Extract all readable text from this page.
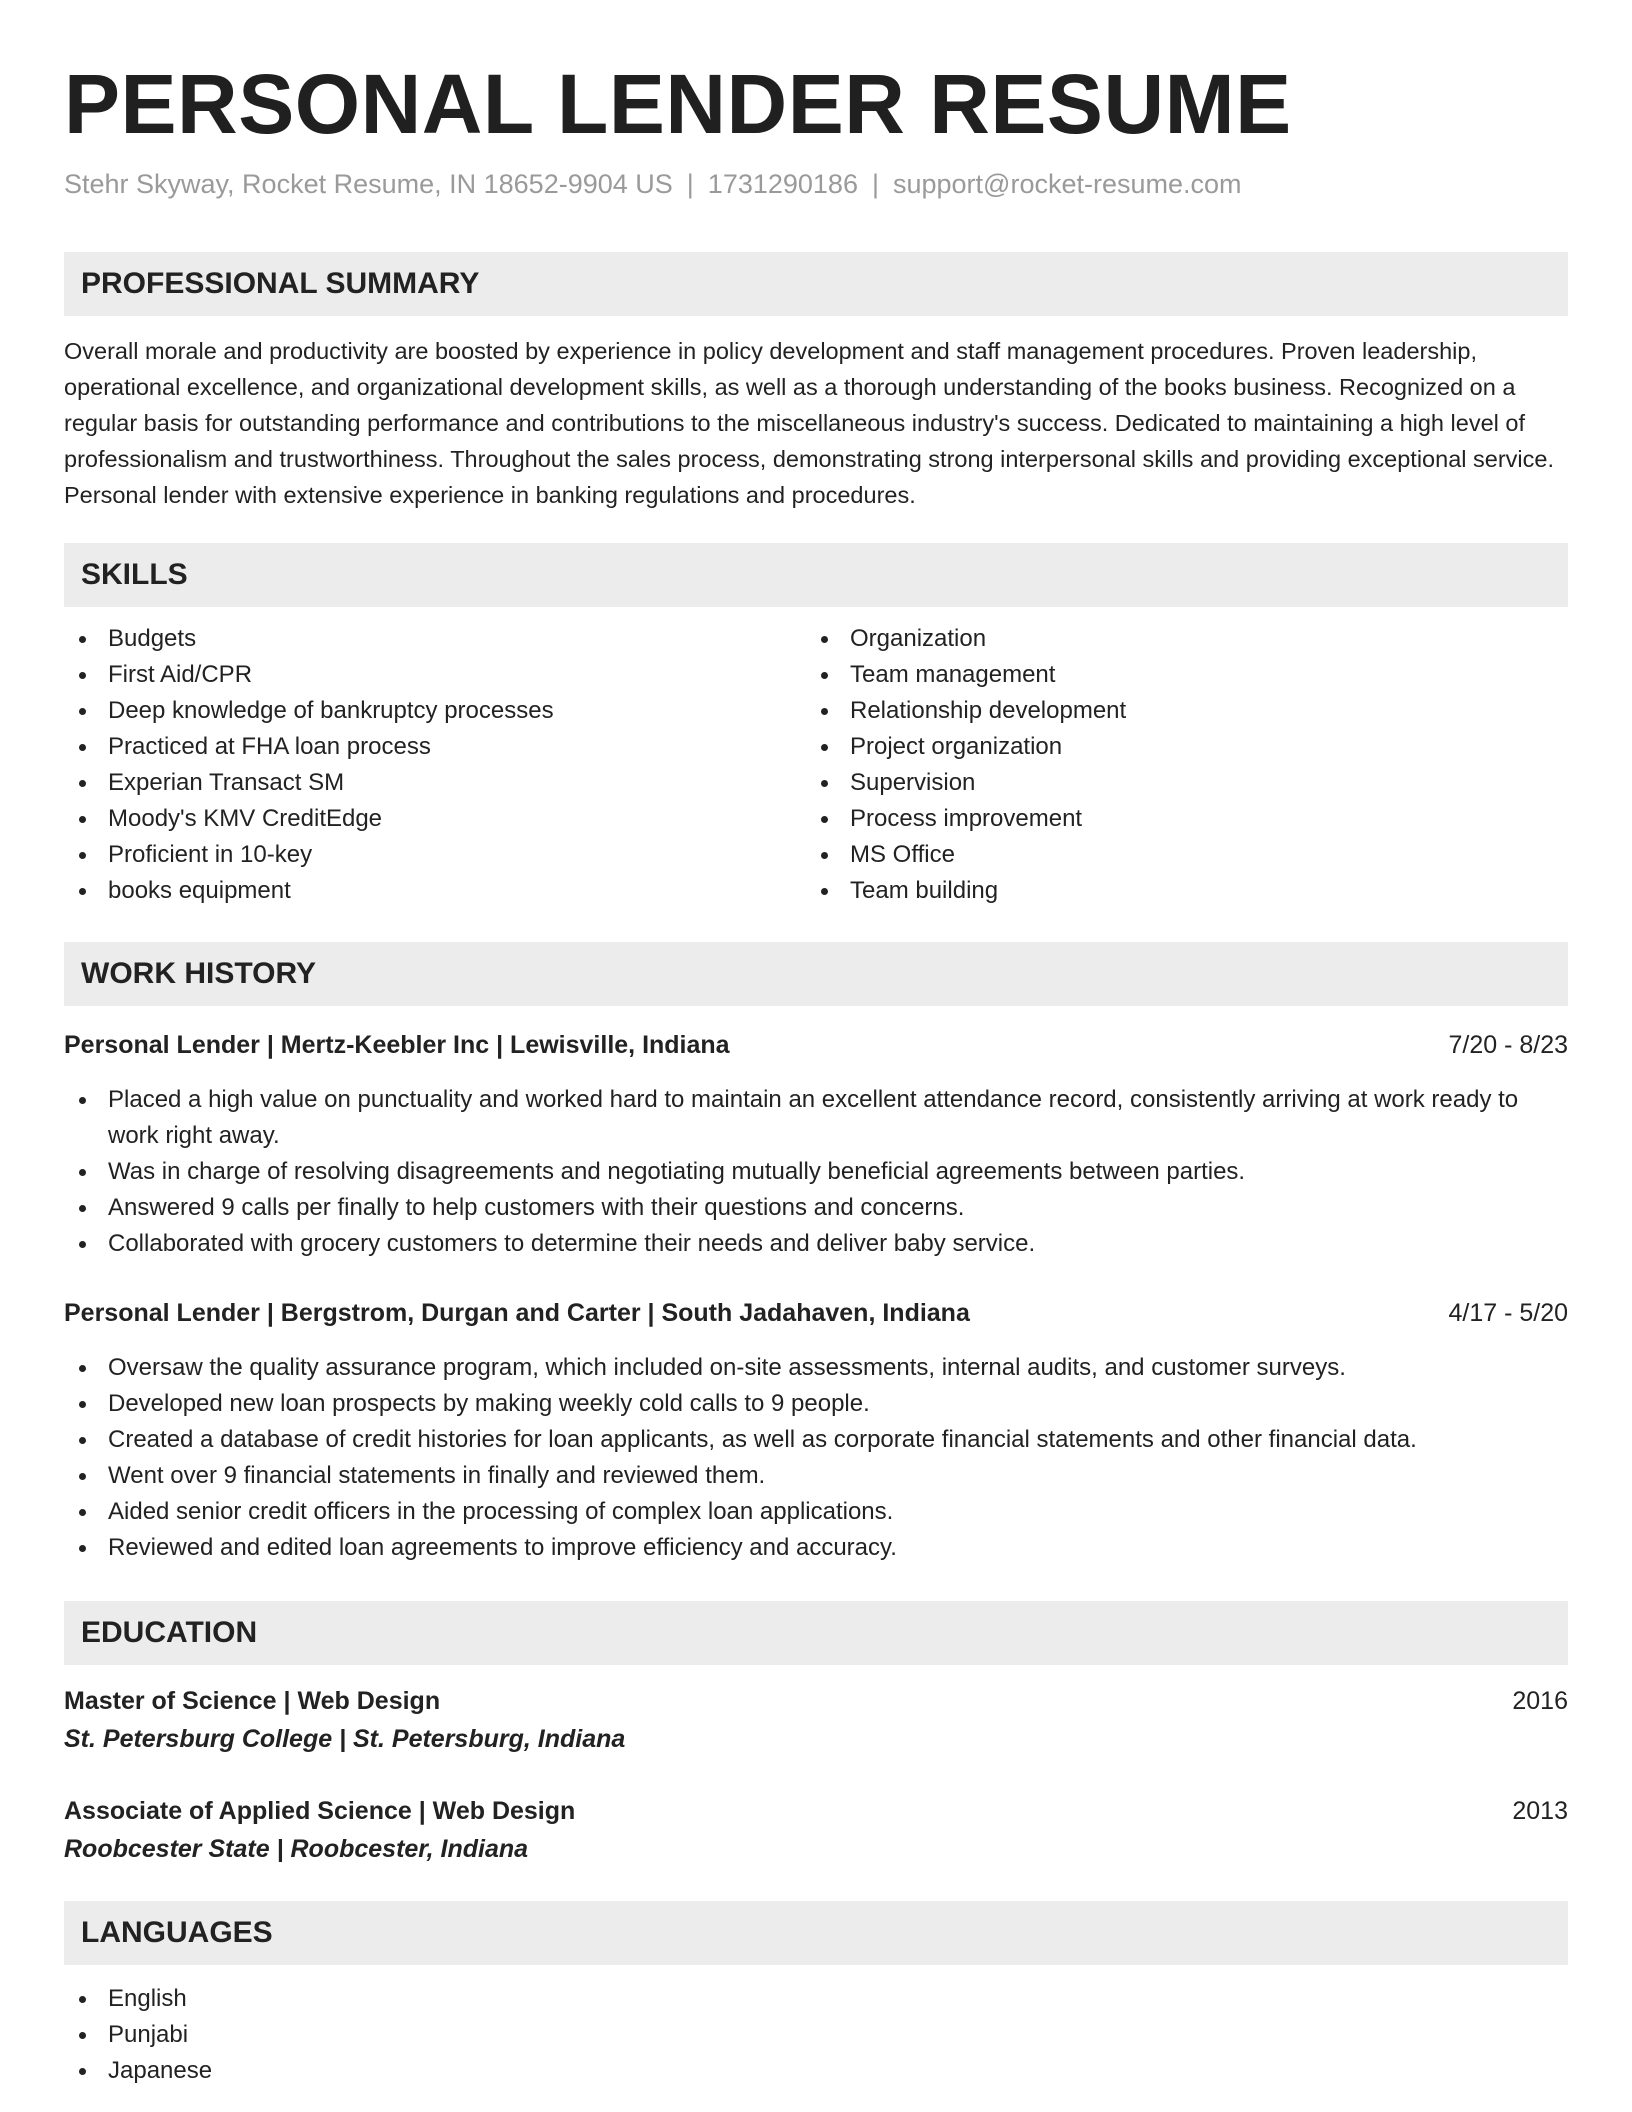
PERSONAL LENDER RESUME
Stehr Skyway, Rocket Resume, IN 18652-9904 US | 1731290186 | support@rocket-resume.com
PROFESSIONAL SUMMARY

Overall morale and productivity are boosted by experience in policy development and staff management procedures. Proven leadership, operational excellence, and organizational development skills, as well as a thorough understanding of the books business. Recognized on a regular basis for outstanding performance and contributions to the miscellaneous industry's success. Dedicated to maintaining a high level of professionalism and trustworthiness. Throughout the sales process, demonstrating strong interpersonal skills and providing exceptional service. Personal lender with extensive experience in banking regulations and procedures.

SKILLS
Budgets
First Aid/CPR
Deep knowledge of bankruptcy processes
Practiced at FHA loan process
Experian Transact SM
Moody's KMV CreditEdge
Proficient in 10-key
books equipment
Organization
Team management
Relationship development
Project organization
Supervision
Process improvement
MS Office
Team building
WORK HISTORY
Personal Lender | Mertz-Keebler Inc | Lewisville, Indiana	7/20 - 8/23
Placed a high value on punctuality and worked hard to maintain an excellent attendance record, consistently arriving at work ready to work right away.
Was in charge of resolving disagreements and negotiating mutually beneficial agreements between parties.
Answered 9 calls per finally to help customers with their questions and concerns.
Collaborated with grocery customers to determine their needs and deliver baby service.
Personal Lender | Bergstrom, Durgan and Carter | South Jadahaven, Indiana	4/17 - 5/20
Oversaw the quality assurance program, which included on-site assessments, internal audits, and customer surveys.
Developed new loan prospects by making weekly cold calls to 9 people.
Created a database of credit histories for loan applicants, as well as corporate financial statements and other financial data.
Went over 9 financial statements in finally and reviewed them.
Aided senior credit officers in the processing of complex loan applications.
Reviewed and edited loan agreements to improve efficiency and accuracy.
EDUCATION
Master of Science | Web Design	2016
St. Petersburg College | St. Petersburg, Indiana
Associate of Applied Science | Web Design	2013
Roobcester State | Roobcester, Indiana
LANGUAGES
English
Punjabi
Japanese
